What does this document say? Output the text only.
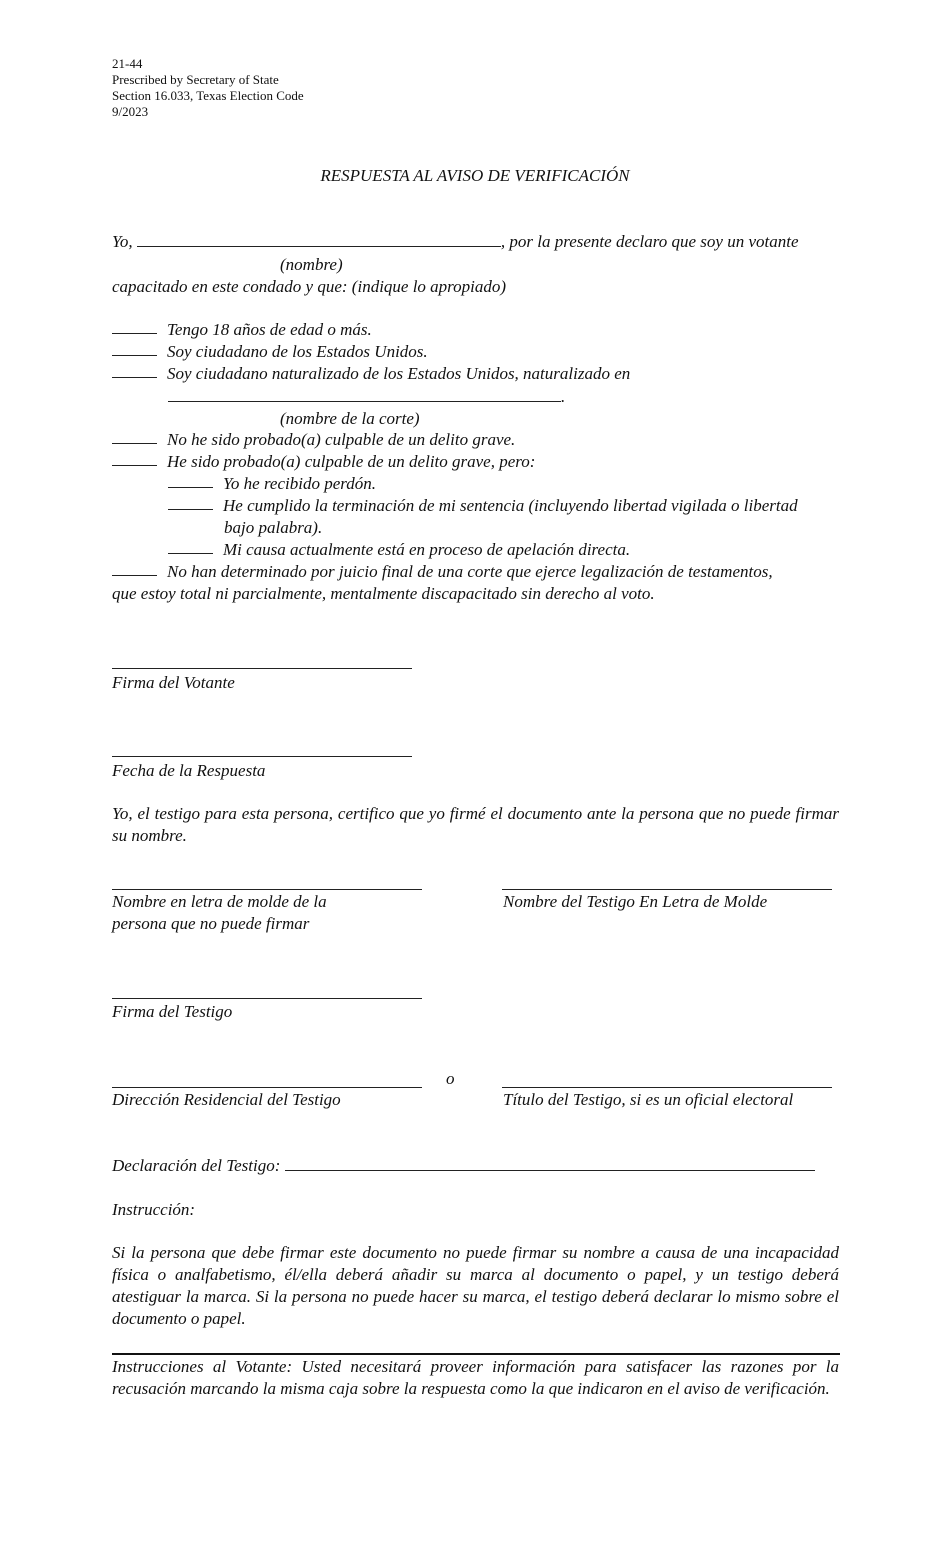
21-44
Prescribed by Secretary of State
Section 16.033, Texas Election Code
9/2023
RESPUESTA AL AVISO DE VERIFICACIÓN
Yo,	, por la presente declaro que soy un votante
(nombre)
capacitado en este condado y que: (indique lo apropiado)
Tengo 18 años de edad o más.
Soy ciudadano de los Estados Unidos.
Soy ciudadano naturalizado de los Estados Unidos, naturalizado en
.
(nombre de la corte)
No he sido probado(a) culpable de un delito grave.
He sido probado(a) culpable de un delito grave, pero:
Yo he recibido perdón.
He cumplido la terminación de mi sentencia (incluyendo libertad vigilada o libertad
bajo palabra).
Mi causa actualmente está en proceso de apelación directa.
No han determinado por juicio final de una corte que ejerce legalización de testamentos,
que estoy total ni parcialmente, mentalmente discapacitado sin derecho al voto.
Firma del Votante
Fecha de la Respuesta
Yo, el testigo para esta persona, certifico que yo firmé el documento ante la persona que no puede firmar su nombre.
Nombre en letra de molde de la
persona que no puede firmar
Nombre del Testigo En Letra de Molde
Firma del Testigo
o
Dirección Residencial del Testigo	Título del Testigo, si es un oficial electoral
Declaración del Testigo:
Instrucción:
Si la persona que debe firmar este documento no puede firmar su nombre a causa de una incapacidad física o analfabetismo, él/ella deberá añadir su marca al documento o papel, y un testigo deberá atestiguar la marca. Si la persona no puede hacer su marca, el testigo deberá declarar lo mismo sobre el documento o papel.
Instrucciones al Votante: Usted necesitará proveer información para satisfacer las razones por la recusación marcando la misma caja sobre la respuesta como la que indicaron en el aviso de verificación.
